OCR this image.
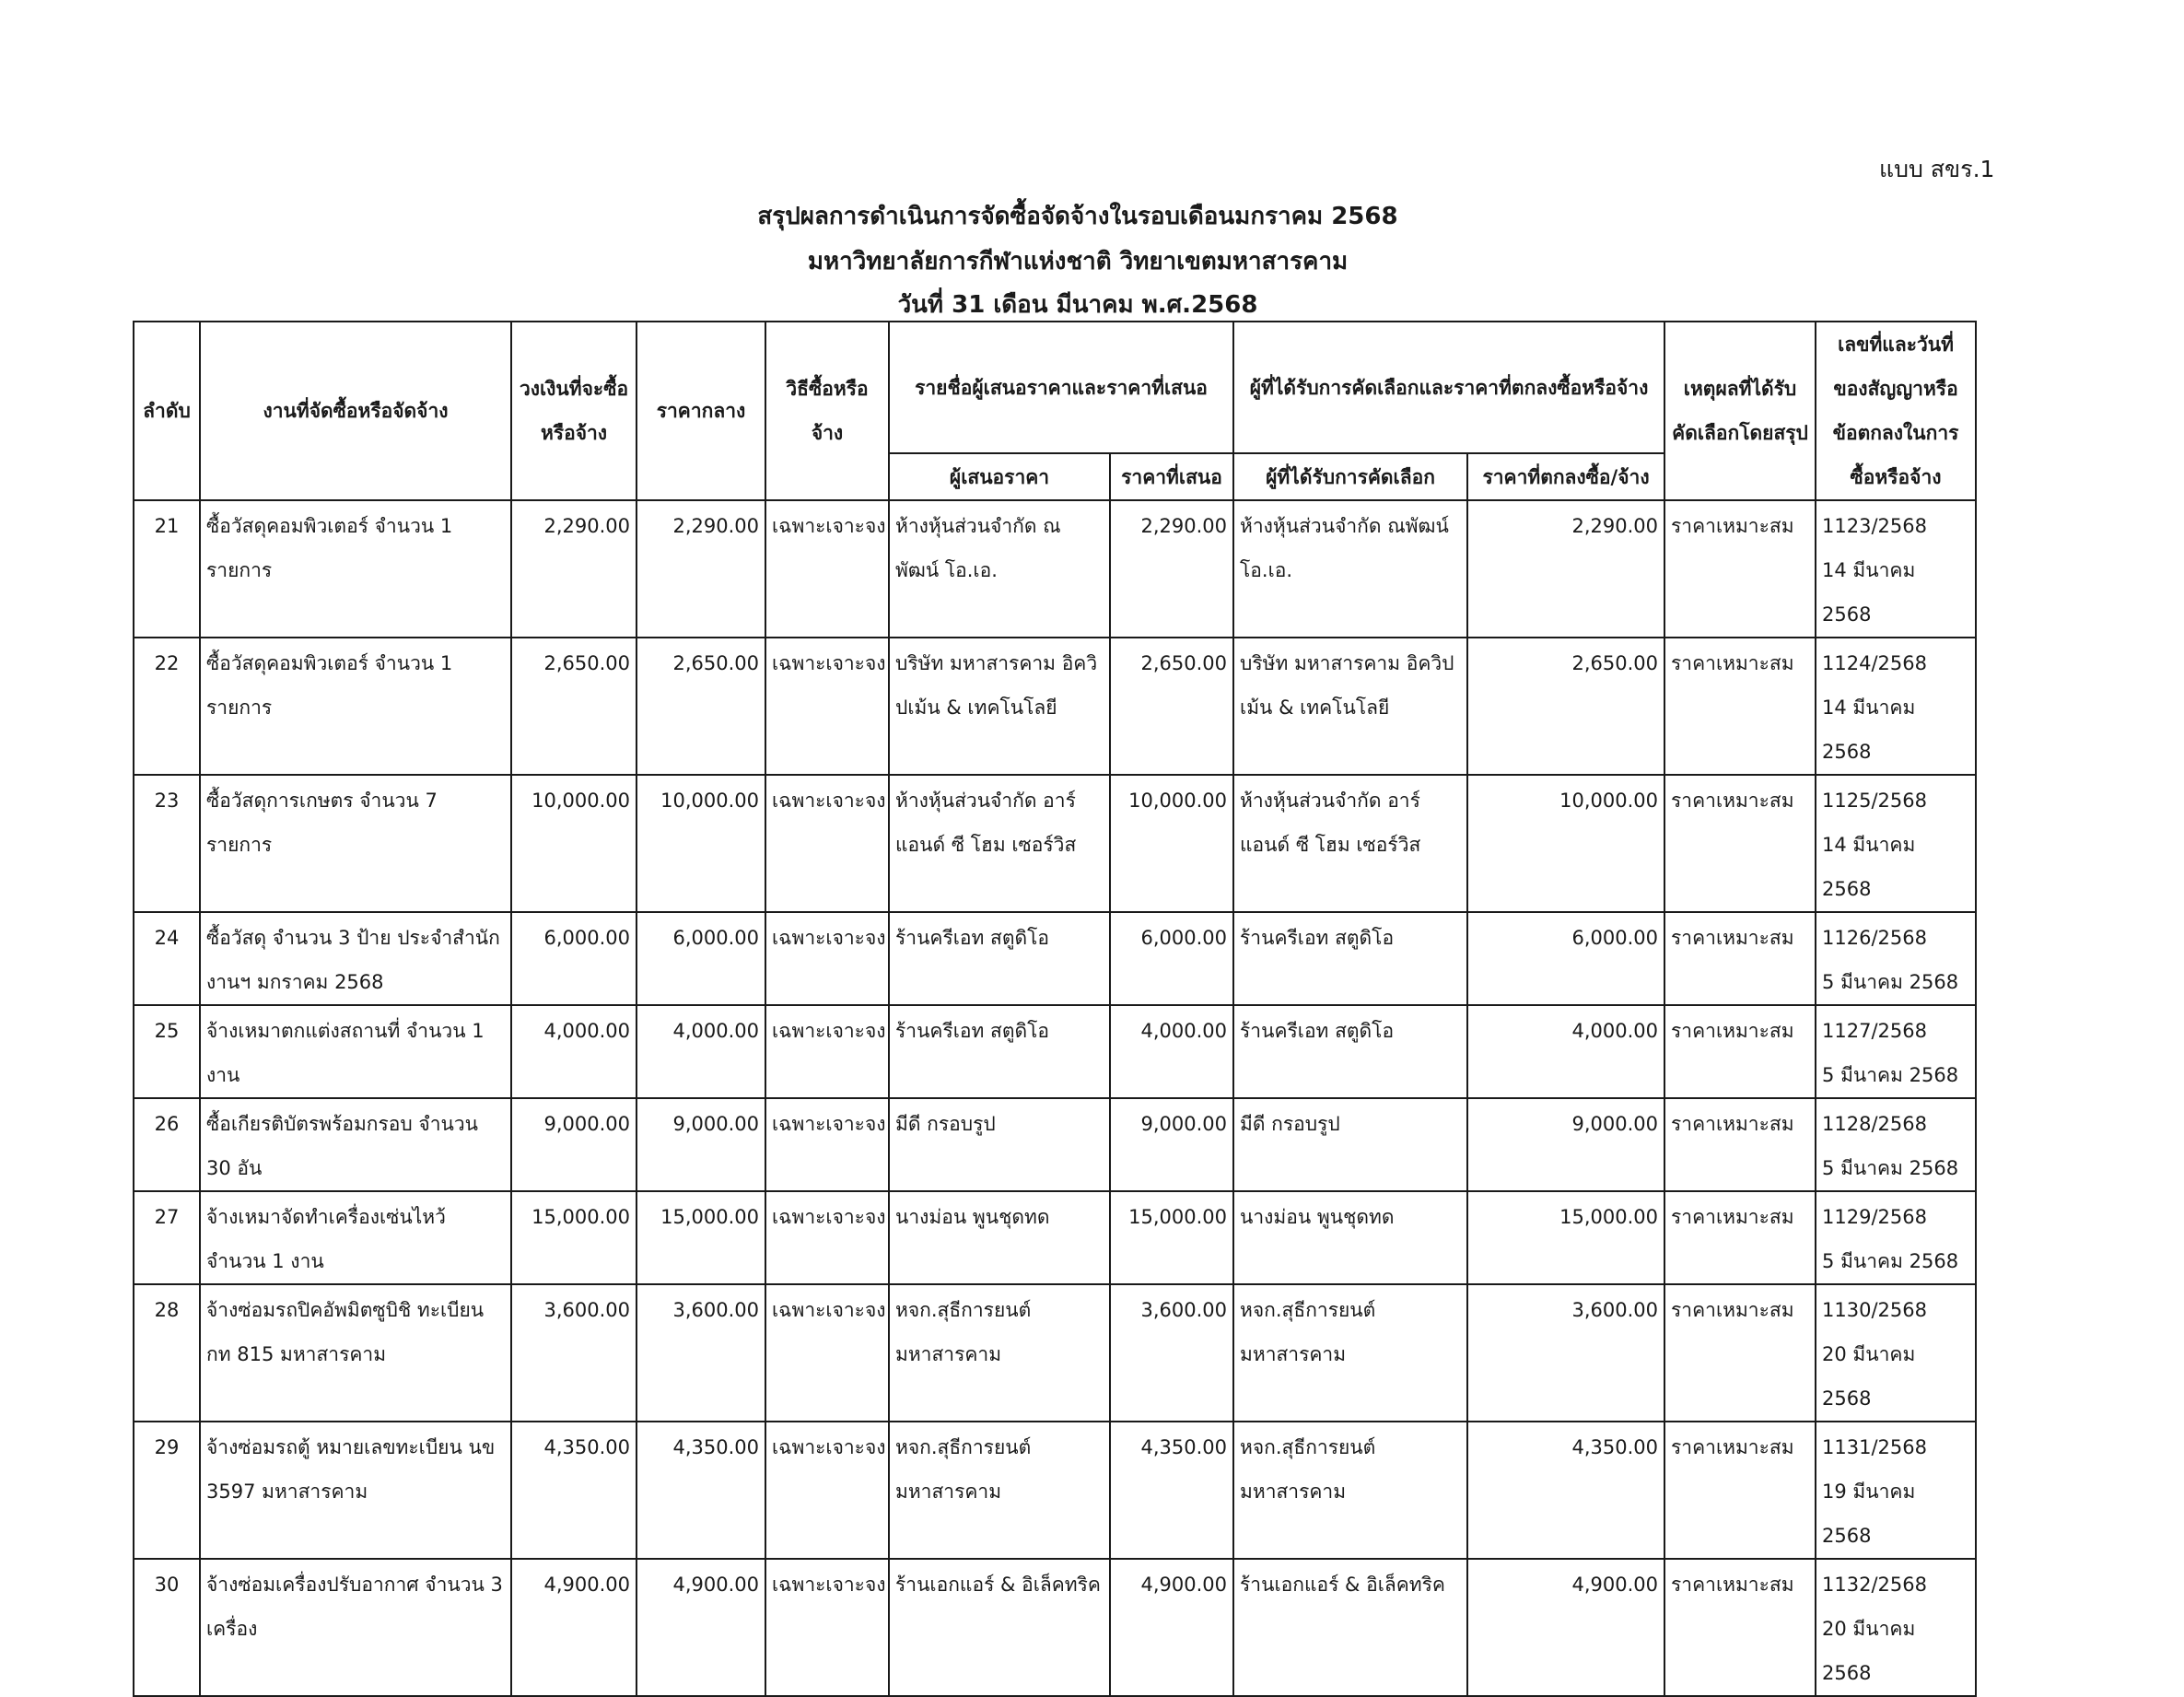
แบบ สขร.1
สรุปผลการดำเนินการจัดซื้อจัดจ้างในรอบเดือนมกราคม 2568
มหาวิทยาลัยการกีฬาแห่งชาติ วิทยาเขตมหาสารคาม
วันที่ 31 เดือน มีนาคม พ.ศ.2568
ลำดับ	งานที่จัดซื้อหรือจัดจ้าง	วงเงินที่จะซื้อหรือจ้าง	ราคากลาง	วิธีซื้อหรือจ้าง	รายชื่อผู้เสนอราคาและราคาที่เสนอ		ผู้ที่ได้รับการคัดเลือกและราคาที่ตกลงซื้อหรือจ้าง		เหตุผลที่ได้รับคัดเลือกโดยสรุป	เลขที่และวันที่ของสัญญาหรือข้อตกลงในการซื้อหรือจ้าง
					ผู้เสนอราคา	ราคาที่เสนอ	ผู้ที่ได้รับการคัดเลือก	ราคาที่ตกลงซื้อ/จ้าง		
21	ซื้อวัสดุคอมพิวเตอร์ จำนวน 1 รายการ	2,290.00	2,290.00	เฉพาะเจาะจง	ห้างหุ้นส่วนจำกัด ณพัฒน์ โอ.เอ.	2,290.00	ห้างหุ้นส่วนจำกัด ณพัฒน์ โอ.เอ.	2,290.00	ราคาเหมาะสม	1123/2568
14 มีนาคม 2568

22	ซื้อวัสดุคอมพิวเตอร์ จำนวน 1 รายการ	2,650.00	2,650.00	เฉพาะเจาะจง	บริษัท มหาสารคาม อิควิปเม้น & เทคโนโลยี	2,650.00	บริษัท มหาสารคาม อิควิปเม้น & เทคโนโลยี	2,650.00	ราคาเหมาะสม	1124/2568
14 มีนาคม 2568

23	ซื้อวัสดุการเกษตร จำนวน 7 รายการ	10,000.00	10,000.00	เฉพาะเจาะจง	ห้างหุ้นส่วนจำกัด อาร์ แอนด์ ซี โฮม เซอร์วิส	10,000.00	ห้างหุ้นส่วนจำกัด อาร์ แอนด์ ซี โฮม เซอร์วิส	10,000.00	ราคาเหมาะสม	1125/2568
14 มีนาคม 2568

24	ซื้อวัสดุ จำนวน 3 ป้าย ประจำสำนักงานฯ มกราคม 2568	6,000.00	6,000.00	เฉพาะเจาะจง	ร้านครีเอท สตูดิโอ	6,000.00	ร้านครีเอท สตูดิโอ	6,000.00	ราคาเหมาะสม	1126/2568
5 มีนาคม 2568

25	จ้างเหมาตกแต่งสถานที่ จำนวน 1 งาน	4,000.00	4,000.00	เฉพาะเจาะจง	ร้านครีเอท สตูดิโอ	4,000.00	ร้านครีเอท สตูดิโอ	4,000.00	ราคาเหมาะสม	1127/2568
5 มีนาคม 2568

26	ซื้อเกียรติบัตรพร้อมกรอบ จำนวน 30 อัน	9,000.00	9,000.00	เฉพาะเจาะจง	มีดี กรอบรูป	9,000.00	มีดี กรอบรูป	9,000.00	ราคาเหมาะสม	1128/2568
5 มีนาคม 2568

27	จ้างเหมาจัดทำเครื่องเซ่นไหว้ จำนวน 1 งาน	15,000.00	15,000.00	เฉพาะเจาะจง	นางม่อน พูนชุดทด	15,000.00	นางม่อน พูนชุดทด	15,000.00	ราคาเหมาะสม	1129/2568
5 มีนาคม 2568

28	จ้างซ่อมรถปิคอัพมิตซูบิชิ ทะเบียน กท 815 มหาสารคาม	3,600.00	3,600.00	เฉพาะเจาะจง	หจก.สุธีการยนต์ มหาสารคาม	3,600.00	หจก.สุธีการยนต์ มหาสารคาม	3,600.00	ราคาเหมาะสม	1130/2568
20 มีนาคม 2568

29	จ้างซ่อมรถตู้ หมายเลขทะเบียน นข 3597 มหาสารคาม	4,350.00	4,350.00	เฉพาะเจาะจง	หจก.สุธีการยนต์ มหาสารคาม	4,350.00	หจก.สุธีการยนต์ มหาสารคาม	4,350.00	ราคาเหมาะสม	1131/2568
19 มีนาคม 2568

30	จ้างซ่อมเครื่องปรับอากาศ จำนวน 3 เครื่อง	4,900.00	4,900.00	เฉพาะเจาะจง	ร้านเอกแอร์ & อิเล็คทริค	4,900.00	ร้านเอกแอร์ & อิเล็คทริค	4,900.00	ราคาเหมาะสม	1132/2568
20 มีนาคม 2568
